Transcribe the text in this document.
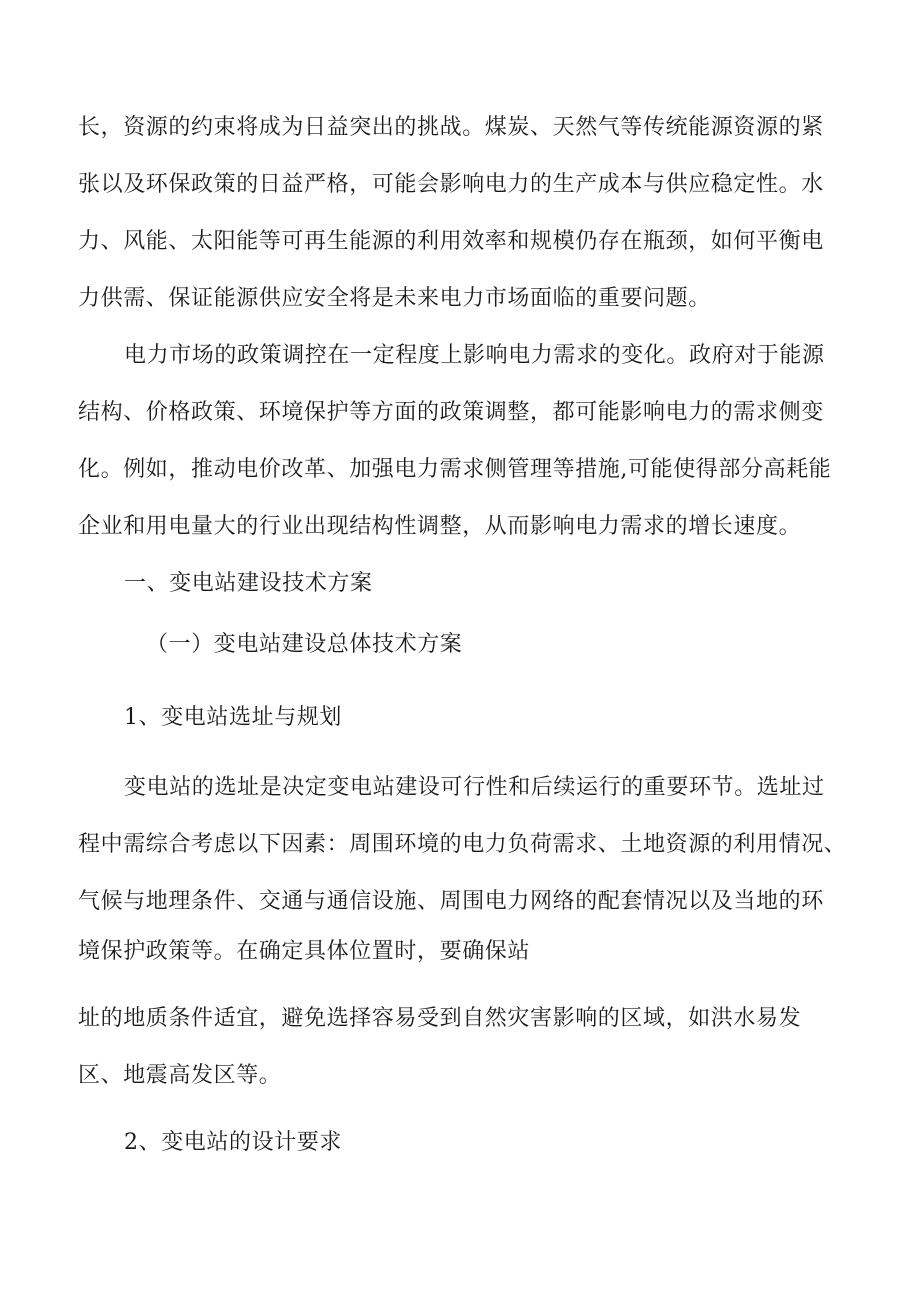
长，资源的约束将成为日益突出的挑战。煤炭、天然气等传统能源资源的紧
张以及环保政策的日益严格，可能会影响电力的生产成本与供应稳定性。水
力、风能、太阳能等可再生能源的利用效率和规模仍存在瓶颈，如何平衡电
力供需、保证能源供应安全将是未来电力市场面临的重要问题。
电力市场的政策调控在一定程度上影响电力需求的变化。政府对于能源
结构、价格政策、环境保护等方面的政策调整，都可能影响电力的需求侧变
化。例如，推动电价改革、加强电力需求侧管理等措施,可能使得部分高耗能
企业和用电量大的行业出现结构性调整，从而影响电力需求的增长速度。
一、变电站建设技术方案
（一）变电站建设总体技术方案
1、变电站选址与规划
变电站的选址是决定变电站建设可行性和后续运行的重要环节。选址过
程中需综合考虑以下因素：周围环境的电力负荷需求、土地资源的利用情况、
气候与地理条件、交通与通信设施、周围电力网络的配套情况以及当地的环
境保护政策等。在确定具体位置时，要确保站
址的地质条件适宜，避免选择容易受到自然灾害影响的区域，如洪水易发
区、地震高发区等。
2、变电站的设计要求
